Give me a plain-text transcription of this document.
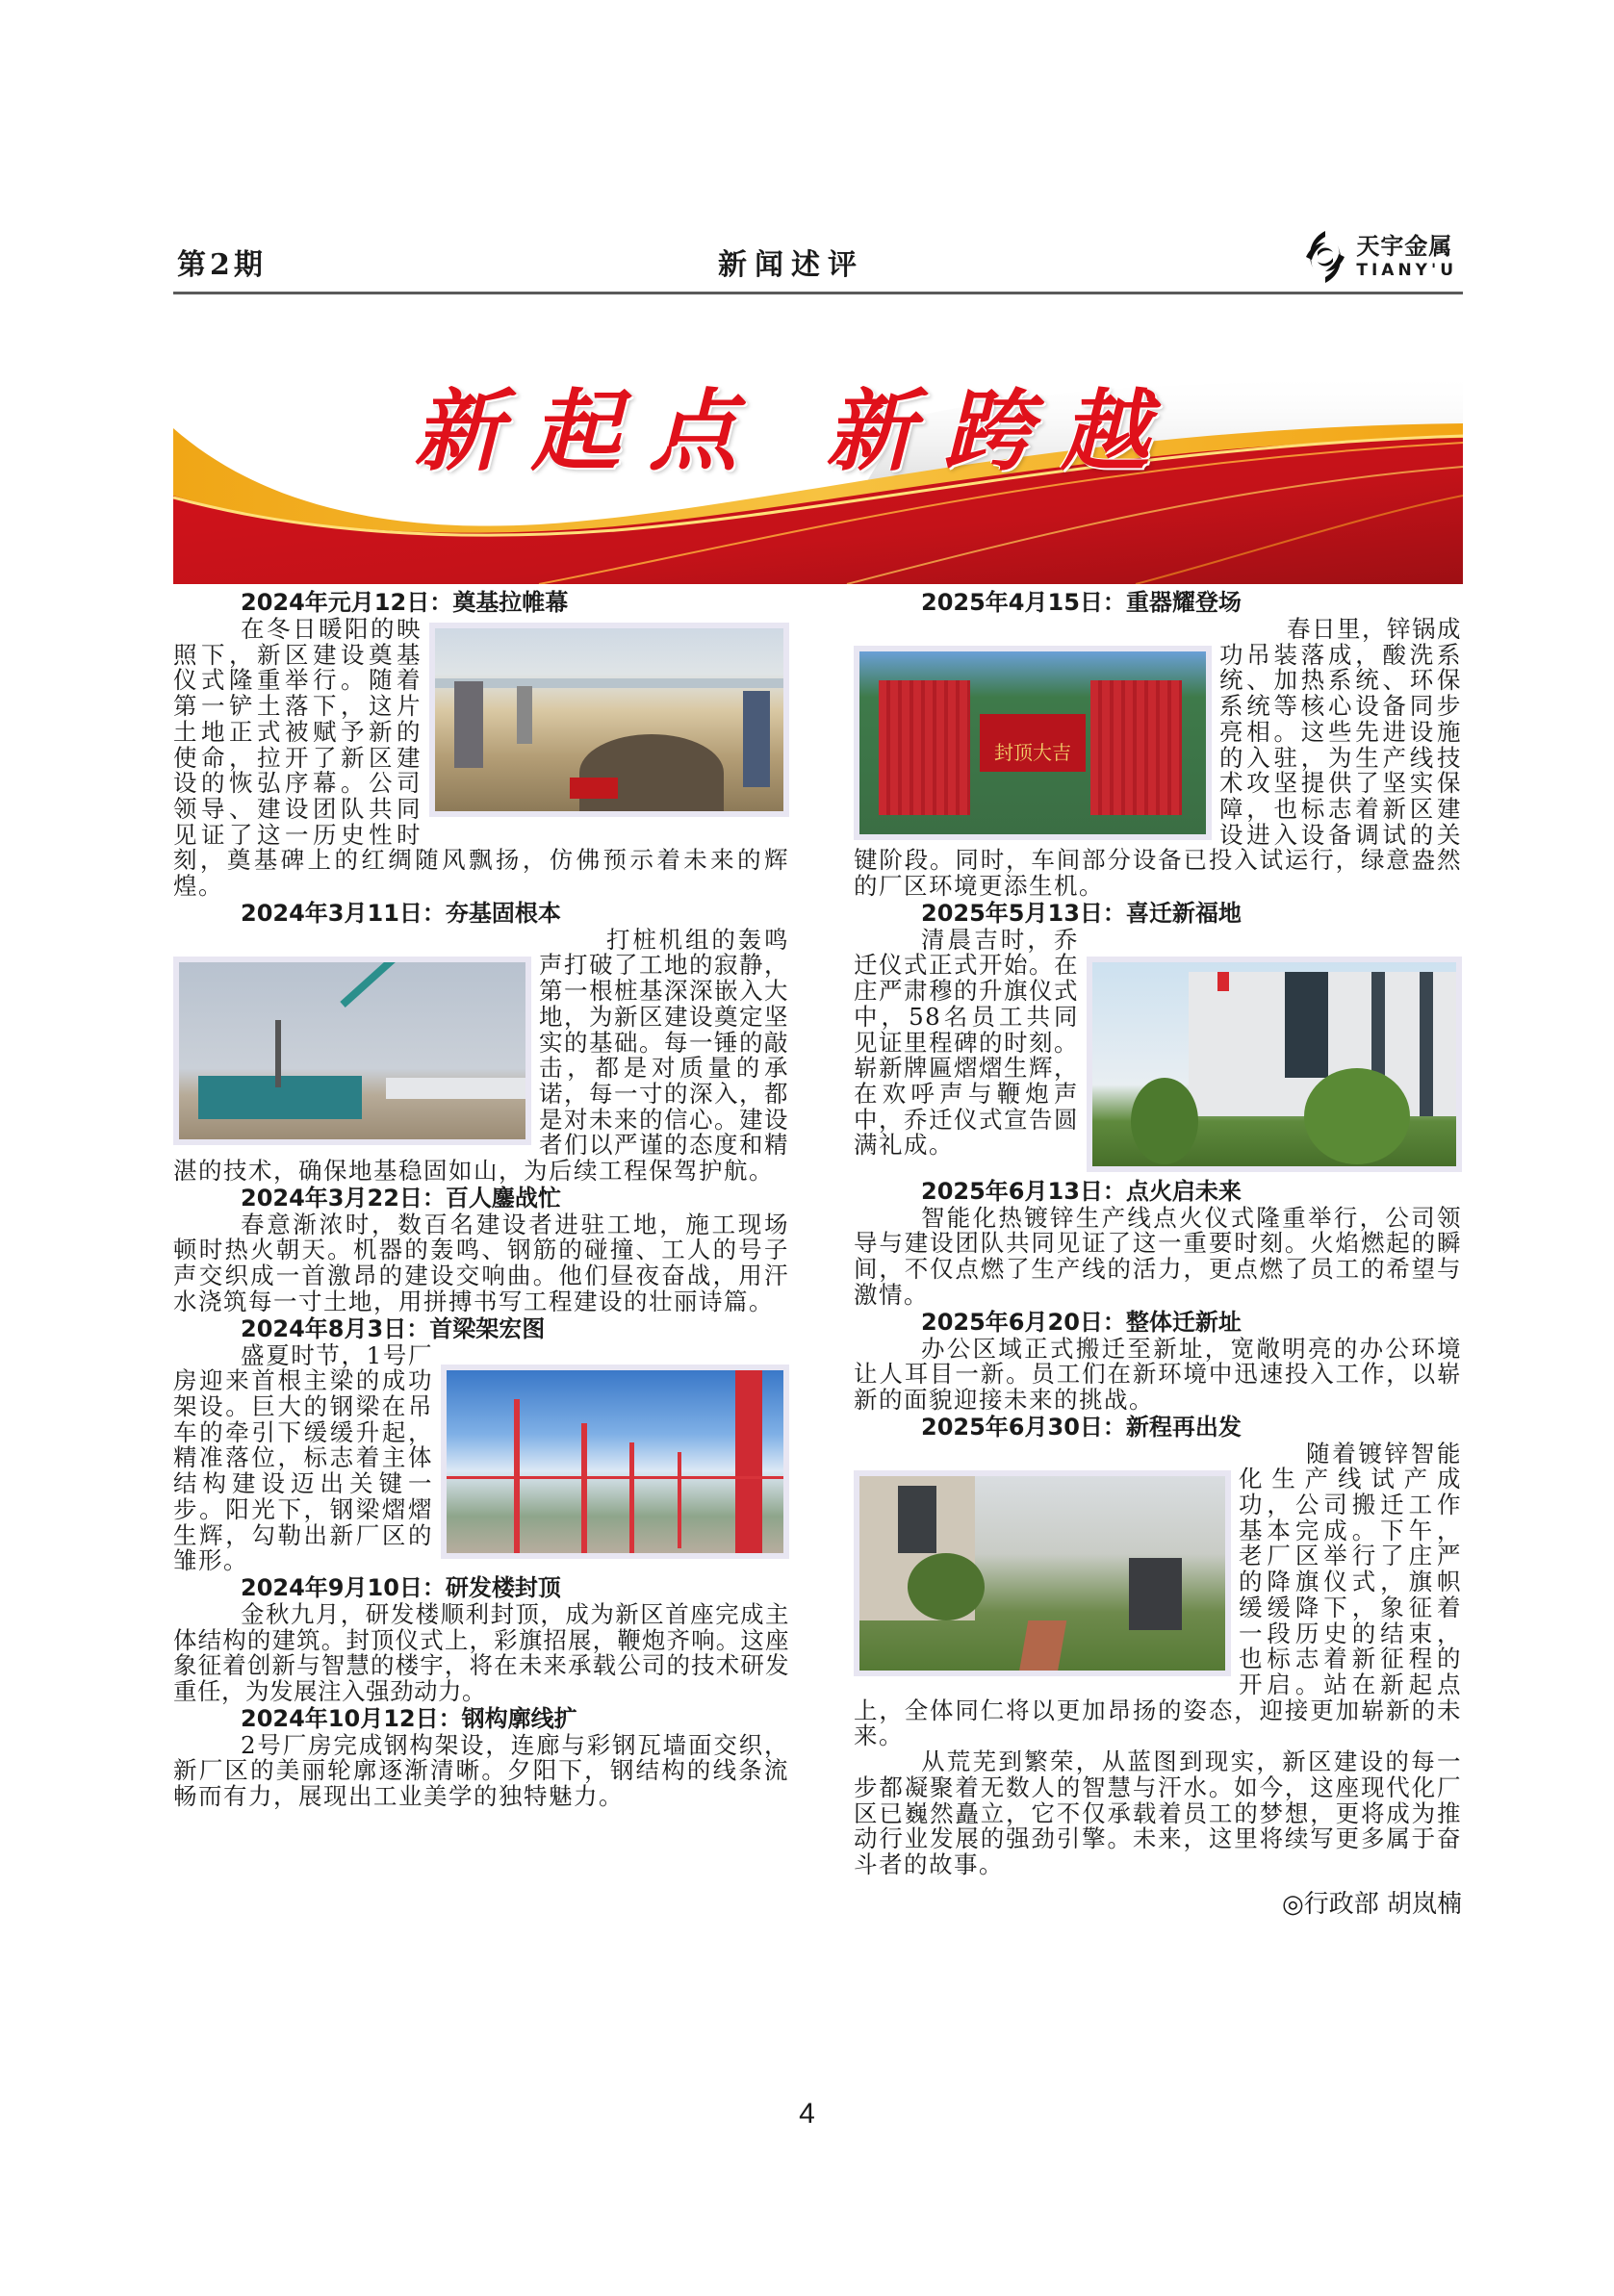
第2期	新闻述评
天宇金属
TIANY'U
新起点 新跨越

2024年元月12日：奠基拉帷幕

在冬日暖阳的映照下，新区建设奠基仪式隆重举行。随着第一铲土落下，这片土地正式被赋予新的使命，拉开了新区建设的恢弘序幕。公司领导、建设团队共同见证了这一历史性时刻，奠基碑上的红绸随风飘扬，仿佛预示着未来的辉煌。

2024年3月11日：夯基固根本

打桩机组的轰鸣声打破了工地的寂静，第一根桩基深深嵌入大地，为新区建设奠定坚实的基础。每一锤的敲击，都是对质量的承诺，每一寸的深入，都是对未来的信心。建设者们以严谨的态度和精湛的技术，确保地基稳固如山，为后续工程保驾护航。

2024年3月22日：百人鏖战忙

春意渐浓时，数百名建设者进驻工地，施工现场顿时热火朝天。机器的轰鸣、钢筋的碰撞、工人的号子声交织成一首激昂的建设交响曲。他们昼夜奋战，用汗水浇筑每一寸土地，用拼搏书写工程建设的壮丽诗篇。

2024年8月3日：首梁架宏图

盛夏时节，1号厂房迎来首根主梁的成功架设。巨大的钢梁在吊车的牵引下缓缓升起，精准落位，标志着主体结构建设迈出关键一步。阳光下，钢梁熠熠生辉，勾勒出新厂区的雏形。

2024年9月10日：研发楼封顶

金秋九月，研发楼顺利封顶，成为新区首座完成主体结构的建筑。封顶仪式上，彩旗招展，鞭炮齐响。这座象征着创新与智慧的楼宇，将在未来承载公司的技术研发重任，为发展注入强劲动力。

2024年10月12日：钢构廓线扩

2号厂房完成钢构架设，连廊与彩钢瓦墙面交织，新厂区的美丽轮廓逐渐清晰。夕阳下，钢结构的线条流畅而有力，展现出工业美学的独特魅力。

2025年4月15日：重器耀登场

封顶大吉

春日里，锌锅成功吊装落成，酸洗系统、加热系统、环保系统等核心设备同步亮相。这些先进设施的入驻，为生产线技术攻坚提供了坚实保障，也标志着新区建设进入设备调试的关键阶段。同时，车间部分设备已投入试运行，绿意盎然的厂区环境更添生机。

2025年5月13日：喜迁新福地

清晨吉时，乔迁仪式正式开始。在庄严肃穆的升旗仪式中，58名员工共同见证里程碑的时刻。崭新牌匾熠熠生辉，在欢呼声与鞭炮声中，乔迁仪式宣告圆满礼成。

2025年6月13日：点火启未来

智能化热镀锌生产线点火仪式隆重举行，公司领导与建设团队共同见证了这一重要时刻。火焰燃起的瞬间，不仅点燃了生产线的活力，更点燃了员工的希望与激情。

2025年6月20日：整体迁新址

办公区域正式搬迁至新址，宽敞明亮的办公环境让人耳目一新。员工们在新环境中迅速投入工作，以崭新的面貌迎接未来的挑战。

2025年6月30日：新程再出发

随着镀锌智能化生产线试产成功，公司搬迁工作基本完成。下午，老厂区举行了庄严的降旗仪式，旗帜缓缓降下，象征着一段历史的结束，也标志着新征程的开启。站在新起点上，全体同仁将以更加昂扬的姿态，迎接更加崭新的未来。

从荒芜到繁荣，从蓝图到现实，新区建设的每一步都凝聚着无数人的智慧与汗水。如今，这座现代化厂区已巍然矗立，它不仅承载着员工的梦想，更将成为推动行业发展的强劲引擎。未来，这里将续写更多属于奋斗者的故事。

◎行政部 胡岚楠
4
